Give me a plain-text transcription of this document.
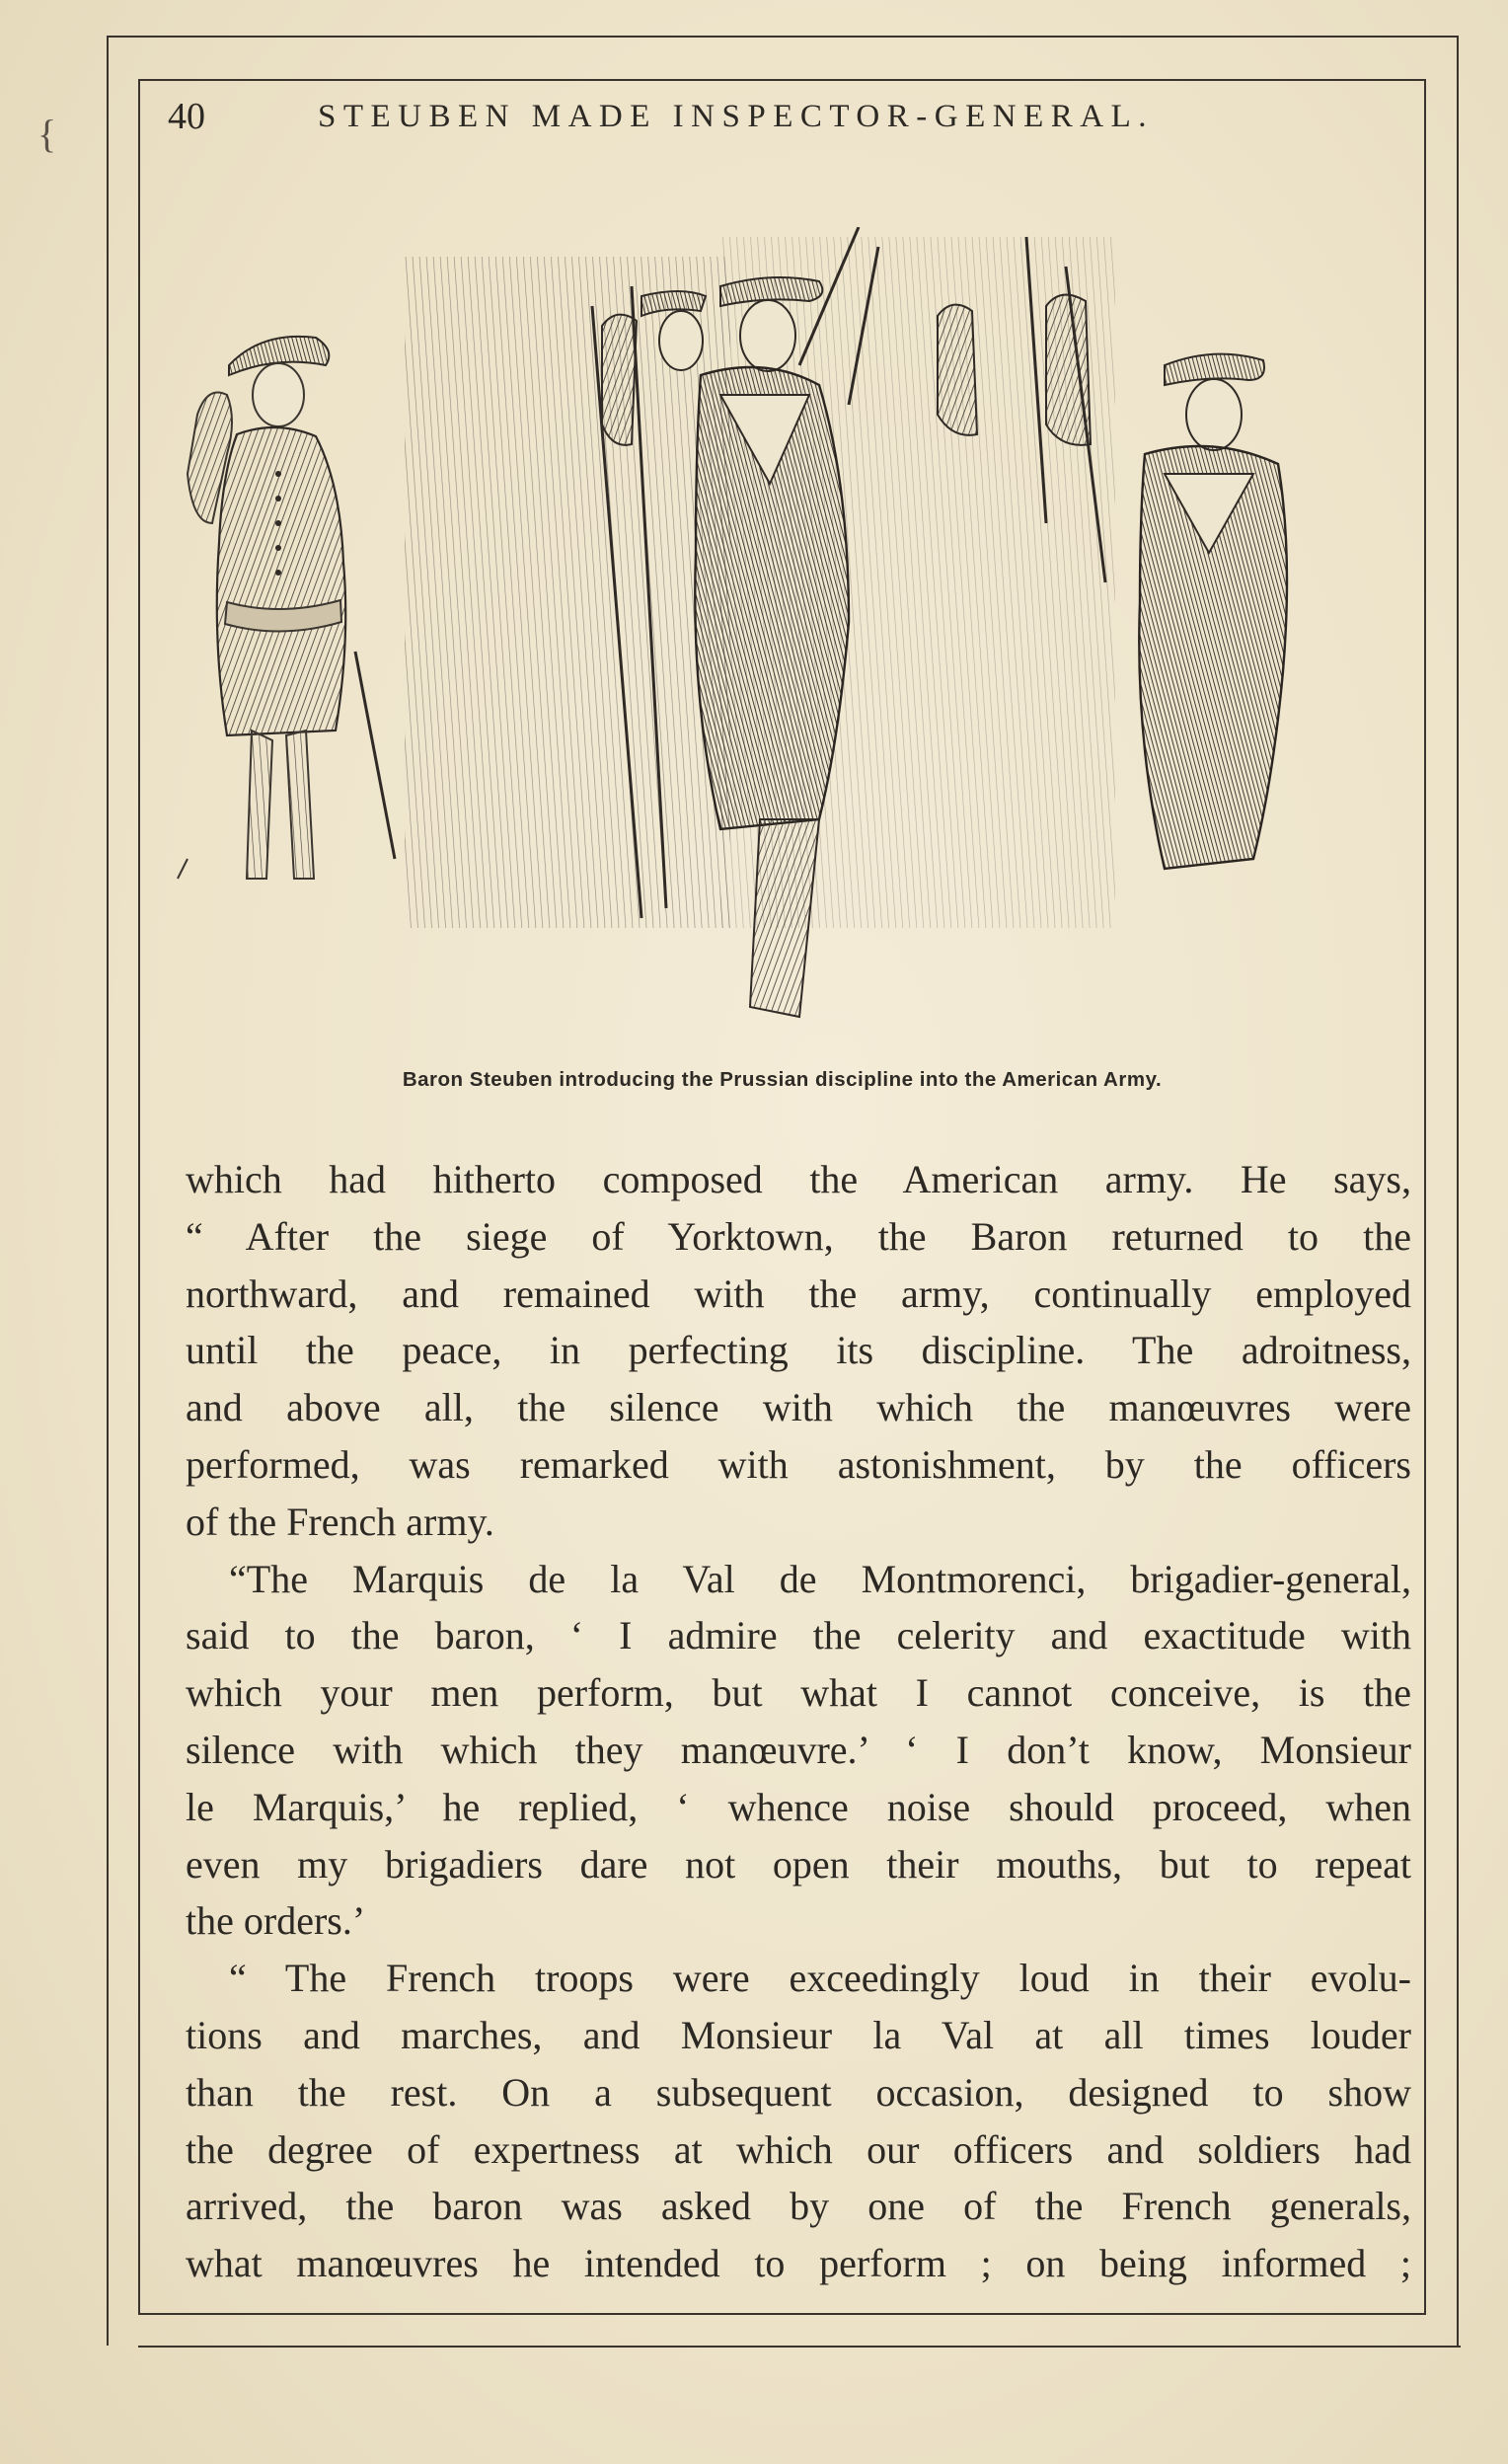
{	40	STEUBEN MADE INSPECTOR-GENERAL.
Baron Steuben introducing the Prussian discipline into the American Army.
which had hitherto composed the American army. He says,
“ After the siege of Yorktown, the Baron returned to the
northward, and remained with the army, continually employed
until the peace, in perfecting its discipline. The adroitness,
and above all, the silence with which the manœuvres were
performed, was remarked with astonishment, by the officers
of the French army.
“The Marquis de la Val de Montmorenci, brigadier-general,
said to the baron, ‘ I admire the celerity and exactitude with
which your men perform, but what I cannot conceive, is the
silence with which they manœuvre.’ ‘ I don’t know, Monsieur
le Marquis,’ he replied, ‘ whence noise should proceed, when
even my brigadiers dare not open their mouths, but to repeat
the orders.’
“ The French troops were exceedingly loud in their evolu-
tions and marches, and Monsieur la Val at all times louder
than the rest. On a subsequent occasion, designed to show
the degree of expertness at which our officers and soldiers had
arrived, the baron was asked by one of the French generals,
what manœuvres he intended to perform ; on being informed ;
